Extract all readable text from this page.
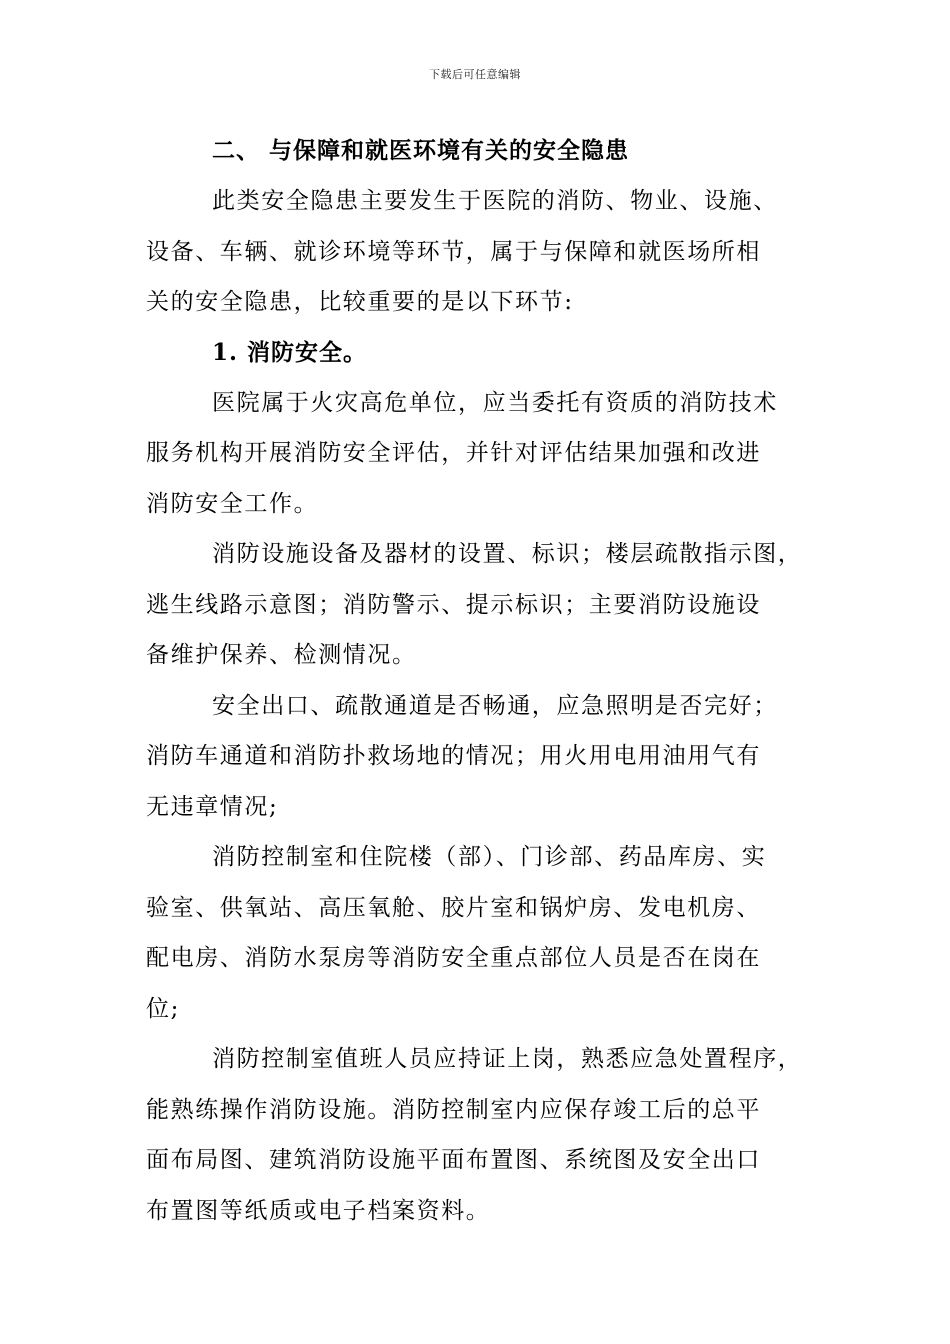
下载后可任意编辑
二、 与保障和就医环境有关的安全隐患

此类安全隐患主要发生于医院的消防、物业、设施、
设备、车辆、就诊环境等环节，属于与保障和就医场所相
关的安全隐患，比较重要的是以下环节:

1. 消防安全。

医院属于火灾高危单位，应当委托有资质的消防技术
服务机构开展消防安全评估，并针对评估结果加强和改进
消防安全工作。

消防设施设备及器材的设置、标识；楼层疏散指示图，
逃生线路示意图；消防警示、提示标识；主要消防设施设
备维护保养、检测情况。

安全出口、疏散通道是否畅通，应急照明是否完好；
消防车通道和消防扑救场地的情况；用火用电用油用气有
无违章情况;

消防控制室和住院楼（部）、门诊部、药品库房、实
验室、供氧站、高压氧舱、胶片室和锅炉房、发电机房、
配电房、消防水泵房等消防安全重点部位人员是否在岗在
位;

消防控制室值班人员应持证上岗，熟悉应急处置程序，
能熟练操作消防设施。消防控制室内应保存竣工后的总平
面布局图、建筑消防设施平面布置图、系统图及安全出口
布置图等纸质或电子档案资料。
